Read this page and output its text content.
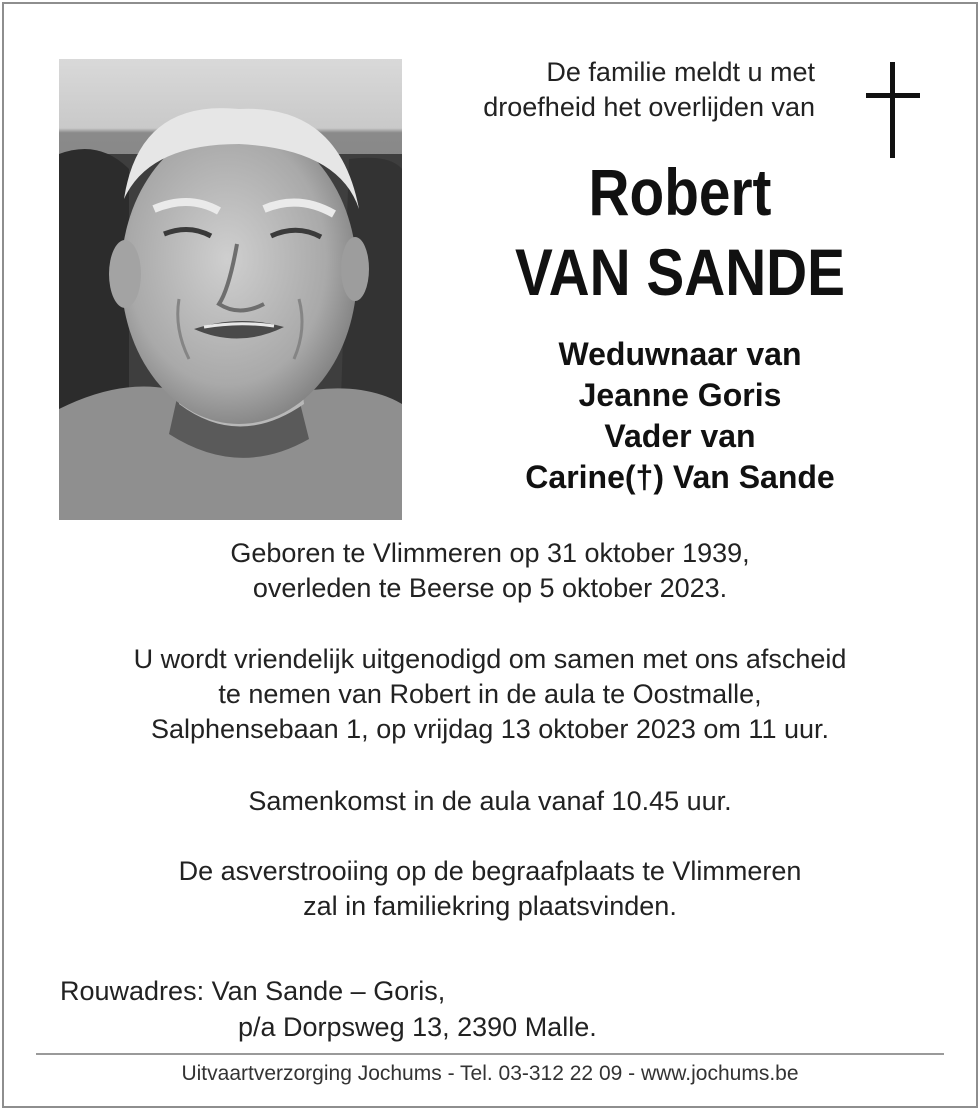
De familie meldt u met
droefheid het overlijden van
Robert
VAN SANDE
Weduwnaar van
Jeanne Goris
Vader van
Carine(†) Van Sande
Geboren te Vlimmeren op 31 oktober 1939,
overleden te Beerse op 5 oktober 2023.
U wordt vriendelijk uitgenodigd om samen met ons afscheid
te nemen van Robert in de aula te Oostmalle,
Salphensebaan 1, op vrijdag 13 oktober 2023 om 11 uur.
Samenkomst in de aula vanaf 10.45 uur.
De asverstrooiing op de begraafplaats te Vlimmeren
zal in familiekring plaatsvinden.
Rouwadres: Van Sande – Goris,
p/a Dorpsweg 13, 2390 Malle.
Uitvaartverzorging Jochums - Tel. 03-312 22 09 - www.jochums.be
